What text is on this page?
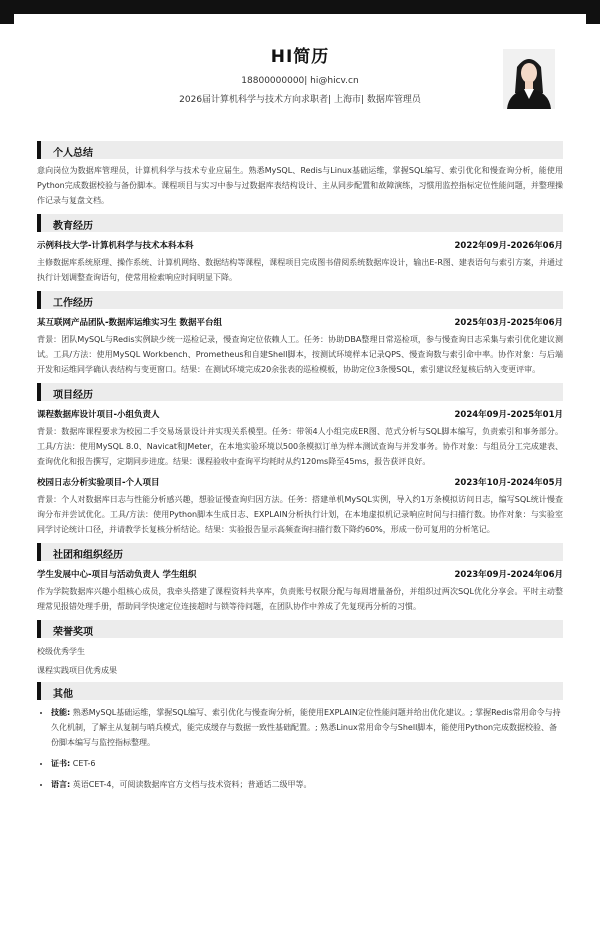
HI简历
18800000000| hi@hicv.cn
2026届计算机科学与技术方向求职者| 上海市| 数据库管理员
个人总结
意向岗位为数据库管理员，计算机科学与技术专业应届生。熟悉MySQL、Redis与Linux基础运维，掌握SQL编写、索引优化和慢查询分析，能使用Python完成数据校验与备份脚本。课程项目与实习中参与过数据库表结构设计、主从同步配置和故障演练，习惯用监控指标定位性能问题，并整理操作记录与复盘文档。
教育经历
示例科技大学-计算机科学与技术本科本科	2022年09月-2026年06月
主修数据库系统原理、操作系统、计算机网络、数据结构等课程，课程项目完成图书借阅系统数据库设计，输出E-R图、建表语句与索引方案，并通过执行计划调整查询语句，使常用检索响应时间明显下降。
工作经历
某互联网产品团队-数据库运维实习生 数据平台组	2025年03月-2025年06月
背景：团队MySQL与Redis实例缺少统一巡检记录，慢查询定位依赖人工。任务：协助DBA整理日常巡检项，参与慢查询日志采集与索引优化建议测试。工具/方法：使用MySQL Workbench、Prometheus和自建Shell脚本，按测试环境样本记录QPS、慢查询数与索引命中率。协作对象：与后端开发和运维同学确认表结构与变更窗口。结果：在测试环境完成20余张表的巡检模板，协助定位3条慢SQL，索引建议经复核后纳入变更评审。
项目经历
课程数据库设计项目-小组负责人	2024年09月-2025年01月
背景：数据库课程要求为校园二手交易场景设计并实现关系模型。任务：带领4人小组完成ER图、范式分析与SQL脚本编写，负责索引和事务部分。工具/方法：使用MySQL 8.0、Navicat和JMeter，在本地实验环境以500条模拟订单为样本测试查询与并发事务。协作对象：与组员分工完成建表、查询优化和报告撰写，定期同步进度。结果：课程验收中查询平均耗时从约120ms降至45ms，报告获评良好。
校园日志分析实验项目-个人项目	2023年10月-2024年05月
背景：个人对数据库日志与性能分析感兴趣，想验证慢查询归因方法。任务：搭建单机MySQL实例，导入约1万条模拟访问日志，编写SQL统计慢查询分布并尝试优化。工具/方法：使用Python脚本生成日志、EXPLAIN分析执行计划，在本地虚拟机记录响应时间与扫描行数。协作对象：与实验室同学讨论统计口径，并请教学长复核分析结论。结果：实验报告显示高频查询扫描行数下降约60%，形成一份可复用的分析笔记。
社团和组织经历
学生发展中心-项目与活动负责人 学生组织	2023年09月-2024年06月
作为学院数据库兴趣小组核心成员，我牵头搭建了课程资料共享库，负责账号权限分配与每周增量备份，并组织过两次SQL优化分享会。平时主动整理常见报错处理手册，帮助同学快速定位连接超时与锁等待问题，在团队协作中养成了先复现再分析的习惯。
荣誉奖项
校级优秀学生
课程实践项目优秀成果
其他
• 技能: 熟悉MySQL基础运维，掌握SQL编写、索引优化与慢查询分析，能使用EXPLAIN定位性能问题并给出优化建议。; 掌握Redis常用命令与持久化机制，了解主从复制与哨兵模式，能完成缓存与数据一致性基础配置。; 熟悉Linux常用命令与Shell脚本，能使用Python完成数据校验、备份脚本编写与监控指标整理。
• 证书: CET-6
• 语言: 英语CET-4，可阅读数据库官方文档与技术资料；普通话二级甲等。
